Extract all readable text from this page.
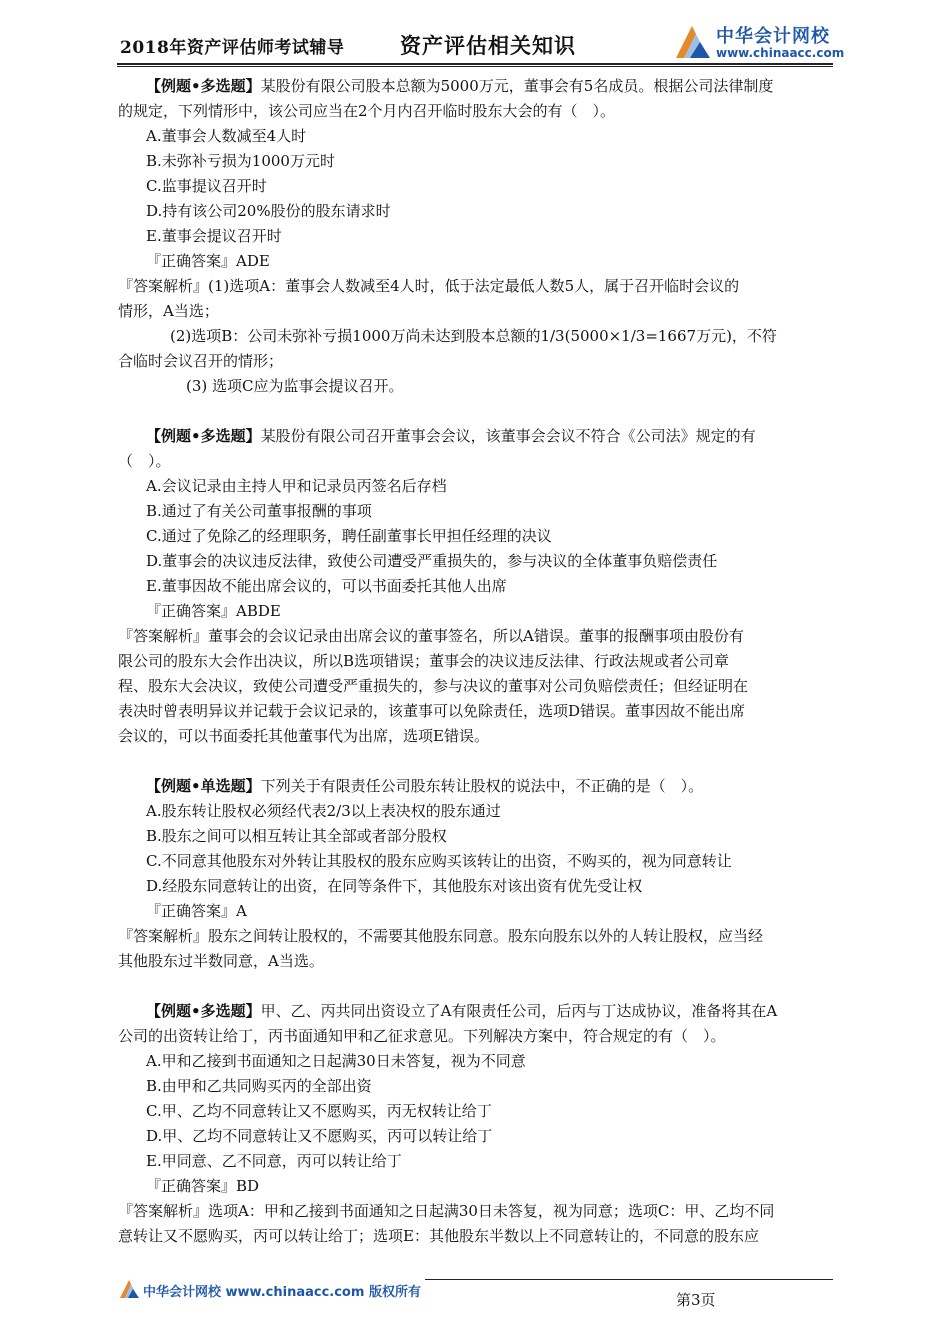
2018年资产评估师考试辅导	资产评估相关知识	中华会计网校
www.chinaacc.com

【例题•多选题】某股份有限公司股本总额为5000万元，董事会有5名成员。根据公司法律制度

的规定，下列情形中，该公司应当在2个月内召开临时股东大会的有（　）。

A.董事会人数减至4人时

B.未弥补亏损为1000万元时

C.监事提议召开时

D.持有该公司20%股份的股东请求时

E.董事会提议召开时

『正确答案』ADE

『答案解析』(1)选项A：董事会人数减至4人时，低于法定最低人数5人，属于召开临时会议的

情形，A当选；

(2)选项B：公司未弥补亏损1000万尚未达到股本总额的1/3(5000×1/3=1667万元)，不符

合临时会议召开的情形；

(3) 选项C应为监事会提议召开。

【例题•多选题】某股份有限公司召开董事会会议，该董事会会议不符合《公司法》规定的有

（　）。

A.会议记录由主持人甲和记录员丙签名后存档

B.通过了有关公司董事报酬的事项

C.通过了免除乙的经理职务，聘任副董事长甲担任经理的决议

D.董事会的决议违反法律，致使公司遭受严重损失的，参与决议的全体董事负赔偿责任

E.董事因故不能出席会议的，可以书面委托其他人出席

『正确答案』ABDE

『答案解析』董事会的会议记录由出席会议的董事签名，所以A错误。董事的报酬事项由股份有

限公司的股东大会作出决议，所以B选项错误；董事会的决议违反法律、行政法规或者公司章

程、股东大会决议，致使公司遭受严重损失的，参与决议的董事对公司负赔偿责任；但经证明在

表决时曾表明异议并记载于会议记录的，该董事可以免除责任，选项D错误。董事因故不能出席

会议的，可以书面委托其他董事代为出席，选项E错误。

【例题•单选题】下列关于有限责任公司股东转让股权的说法中，不正确的是（　）。

A.股东转让股权必须经代表2/3以上表决权的股东通过

B.股东之间可以相互转让其全部或者部分股权

C.不同意其他股东对外转让其股权的股东应购买该转让的出资，不购买的，视为同意转让

D.经股东同意转让的出资，在同等条件下，其他股东对该出资有优先受让权

『正确答案』A

『答案解析』股东之间转让股权的，不需要其他股东同意。股东向股东以外的人转让股权，应当经

其他股东过半数同意，A当选。

【例题•多选题】甲、乙、丙共同出资设立了A有限责任公司，后丙与丁达成协议，准备将其在A

公司的出资转让给丁，丙书面通知甲和乙征求意见。下列解决方案中，符合规定的有（　）。

A.甲和乙接到书面通知之日起满30日未答复，视为不同意

B.由甲和乙共同购买丙的全部出资

C.甲、乙均不同意转让又不愿购买，丙无权转让给丁

D.甲、乙均不同意转让又不愿购买，丙可以转让给丁

E.甲同意、乙不同意，丙可以转让给丁

『正确答案』BD

『答案解析』选项A：甲和乙接到书面通知之日起满30日未答复，视为同意；选项C：甲、乙均不同

意转让又不愿购买，丙可以转让给丁；选项E：其他股东半数以上不同意转让的，不同意的股东应

中华会计网校 www.chinaacc.com 版权所有	第3页
